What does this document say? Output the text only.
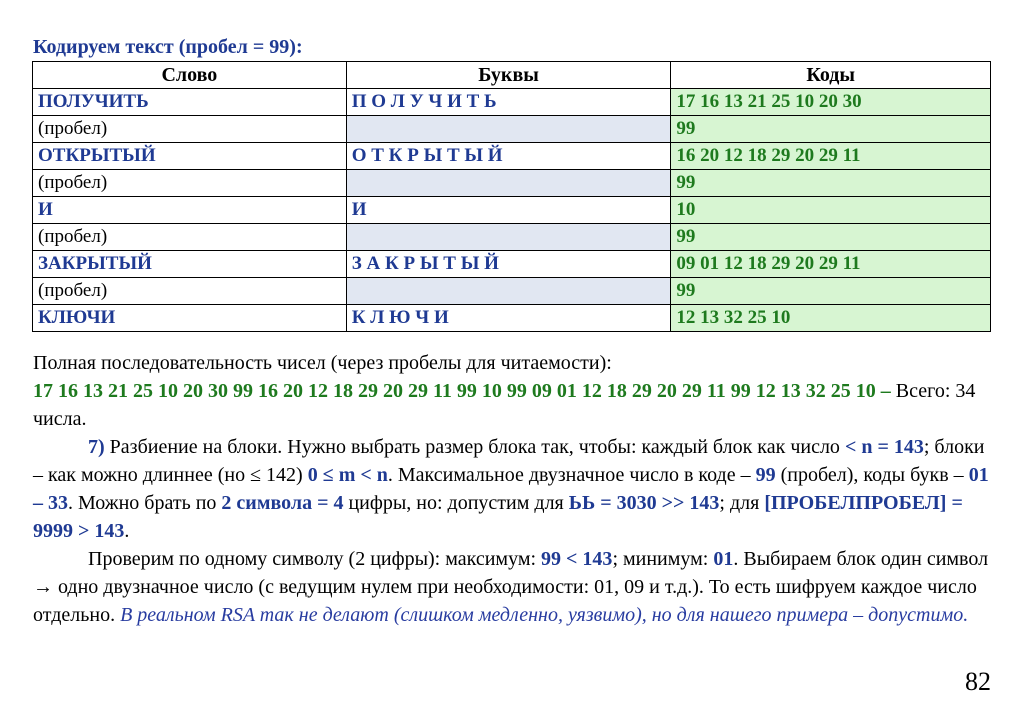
Кодируем текст (пробел = 99):
Слово	Буквы	Коды
ПОЛУЧИТЬ	П О Л У Ч И Т Ь	17 16 13 21 25 10 20 30
(пробел)		99
ОТКРЫТЫЙ	О Т К Р Ы Т Ы Й	16 20 12 18 29 20 29 11
(пробел)		99
И	И	10
(пробел)		99
ЗАКРЫТЫЙ	З А К Р Ы Т Ы Й	09 01 12 18 29 20 29 11
(пробел)		99
КЛЮЧИ	К Л Ю Ч И	12 13 32 25 10
Полная последовательность чисел (через пробелы для читаемости):
17 16 13 21 25 10 20 30 99 16 20 12 18 29 20 29 11 99 10 99 09 01 12 18 29 20 29 11 99 12 13 32 25 10 – Всего: 34 числа.
7) Разбиение на блоки. Нужно выбрать размер блока так, чтобы: каждый блок как число < n = 143; блоки – как можно длиннее (но ≤ 142) 0 ≤ m < n. Максимальное двузначное число в коде – 99 (пробел), коды букв – 01 – 33. Можно брать по 2 символа = 4 цифры, но: допустим для ЬЬ = 3030 >> 143; для [ПРОБЕЛПРОБЕЛ] = 9999 > 143.
Проверим по одному символу (2 цифры): максимум: 99 < 143; минимум: 01. Выбираем блок один символ → одно двузначное число (с ведущим нулем при необходимости: 01, 09 и т.д.). То есть шифруем каждое число отдельно. В реальном RSA так не делают (слишком медленно, уязвимо), но для нашего примера – допустимо.
82
